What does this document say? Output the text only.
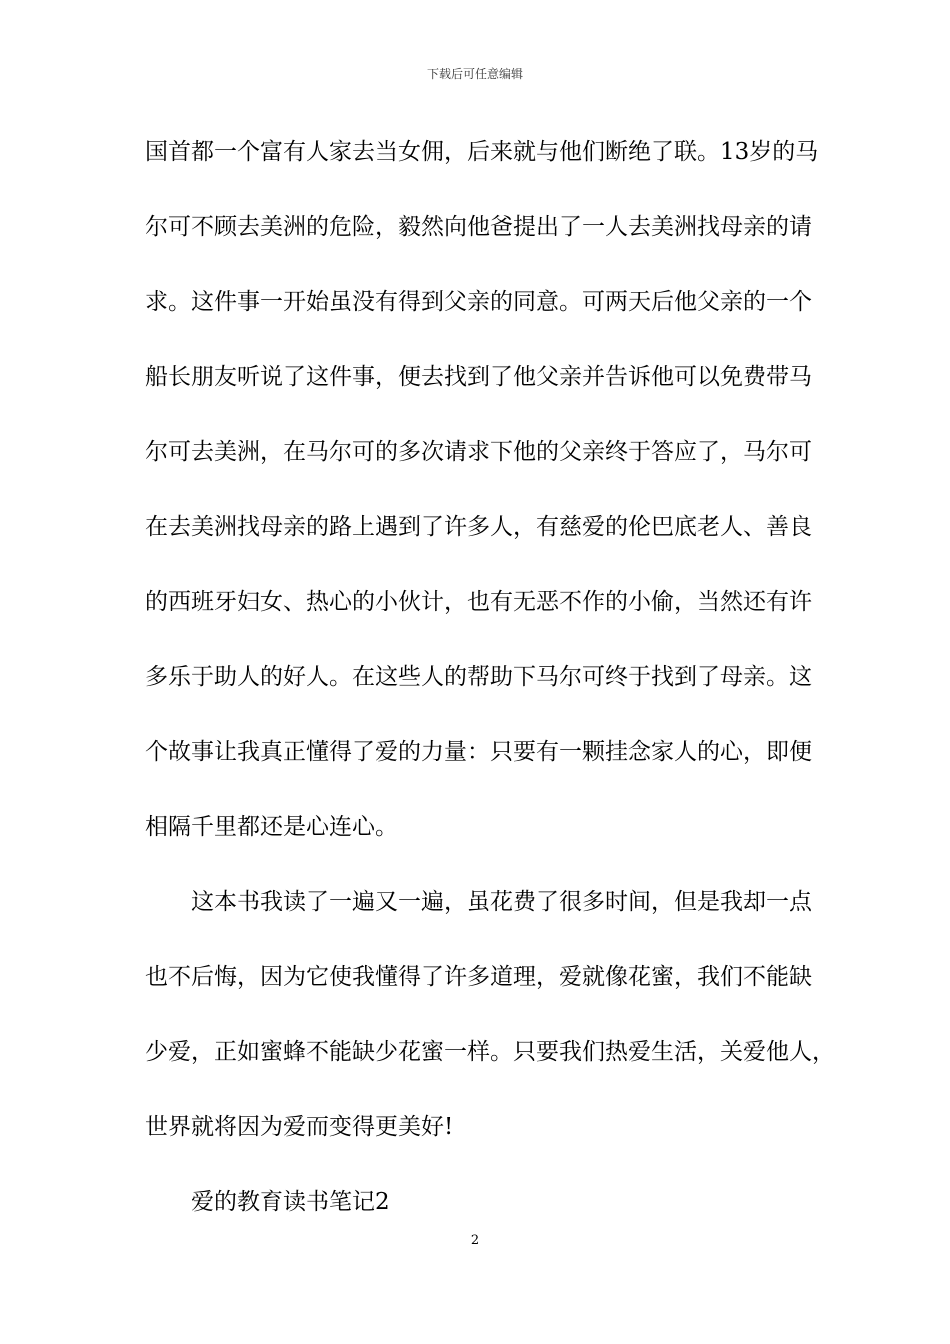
下载后可任意编辑
国首都一个富有人家去当女佣，后来就与他们断绝了联。13岁的马
尔可不顾去美洲的危险，毅然向他爸提出了一人去美洲找母亲的请
求。这件事一开始虽没有得到父亲的同意。可两天后他父亲的一个
船长朋友听说了这件事，便去找到了他父亲并告诉他可以免费带马
尔可去美洲，在马尔可的多次请求下他的父亲终于答应了，马尔可
在去美洲找母亲的路上遇到了许多人，有慈爱的伦巴底老人、善良
的西班牙妇女、热心的小伙计，也有无恶不作的小偷，当然还有许
多乐于助人的好人。在这些人的帮助下马尔可终于找到了母亲。这
个故事让我真正懂得了爱的力量：只要有一颗挂念家人的心，即便
相隔千里都还是心连心。
这本书我读了一遍又一遍，虽花费了很多时间，但是我却一点
也不后悔，因为它使我懂得了许多道理，爱就像花蜜，我们不能缺
少爱，正如蜜蜂不能缺少花蜜一样。只要我们热爱生活，关爱他人，
世界就将因为爱而变得更美好!
爱的教育读书笔记2
2
